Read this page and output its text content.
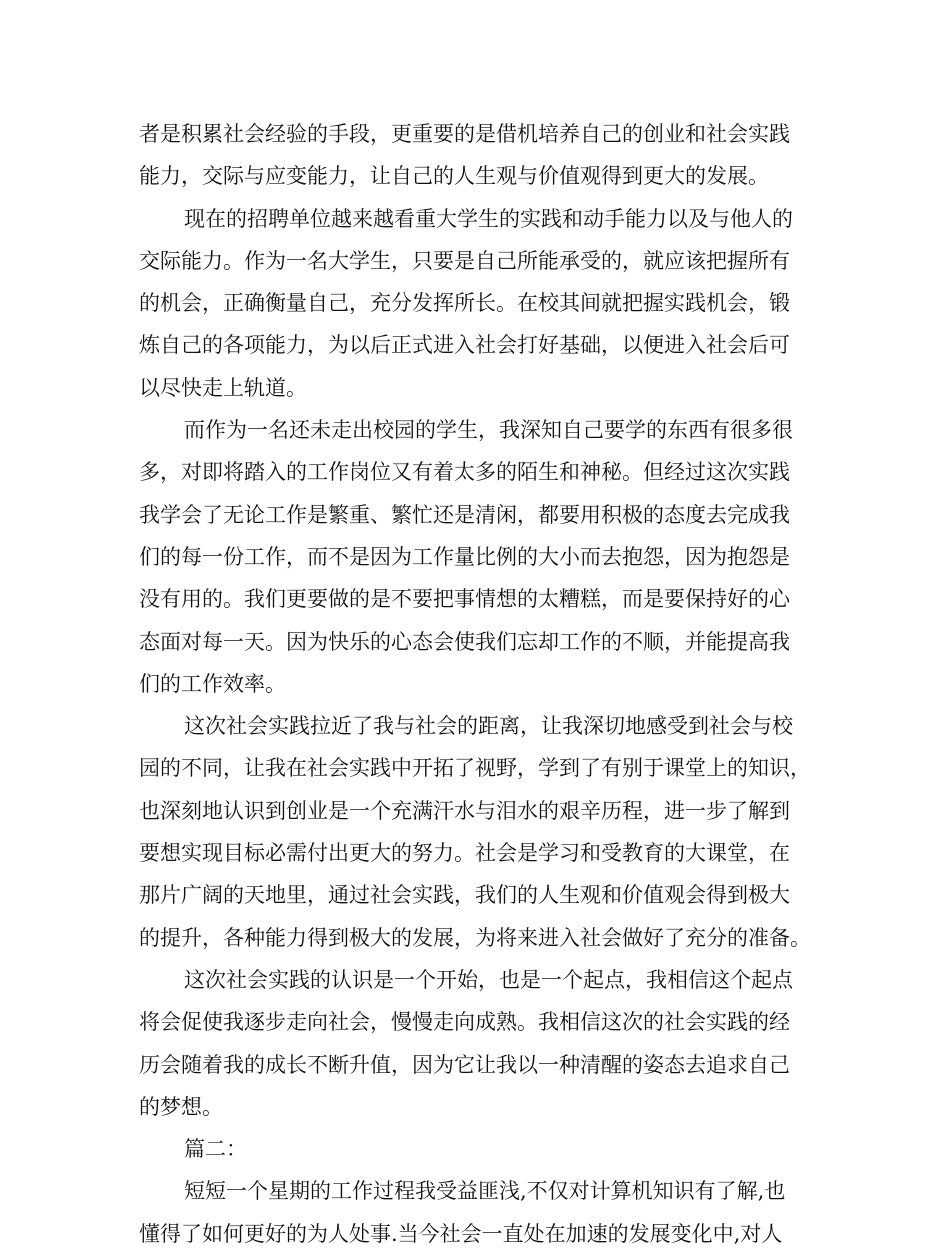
者是积累社会经验的手段，更重要的是借机培养自己的创业和社会实践
能力，交际与应变能力，让自己的人生观与价值观得到更大的发展。
现在的招聘单位越来越看重大学生的实践和动手能力以及与他人的
交际能力。作为一名大学生，只要是自己所能承受的，就应该把握所有
的机会，正确衡量自己，充分发挥所长。在校其间就把握实践机会，锻
炼自己的各项能力，为以后正式进入社会打好基础，以便进入社会后可
以尽快走上轨道。
而作为一名还未走出校园的学生，我深知自己要学的东西有很多很
多，对即将踏入的工作岗位又有着太多的陌生和神秘。但经过这次实践
我学会了无论工作是繁重、繁忙还是清闲，都要用积极的态度去完成我
们的每一份工作，而不是因为工作量比例的大小而去抱怨，因为抱怨是
没有用的。我们更要做的是不要把事情想的太糟糕，而是要保持好的心
态面对每一天。因为快乐的心态会使我们忘却工作的不顺，并能提高我
们的工作效率。
这次社会实践拉近了我与社会的距离，让我深切地感受到社会与校
园的不同，让我在社会实践中开拓了视野，学到了有别于课堂上的知识，
也深刻地认识到创业是一个充满汗水与泪水的艰辛历程，进一步了解到
要想实现目标必需付出更大的努力。社会是学习和受教育的大课堂，在
那片广阔的天地里，通过社会实践，我们的人生观和价值观会得到极大
的提升，各种能力得到极大的发展，为将来进入社会做好了充分的准备。
这次社会实践的认识是一个开始，也是一个起点，我相信这个起点
将会促使我逐步走向社会，慢慢走向成熟。我相信这次的社会实践的经
历会随着我的成长不断升值，因为它让我以一种清醒的姿态去追求自己
的梦想。
篇二：
短短一个星期的工作过程我受益匪浅,不仅对计算机知识有了解,也
懂得了如何更好的为人处事.当今社会一直处在加速的发展变化中,对人
